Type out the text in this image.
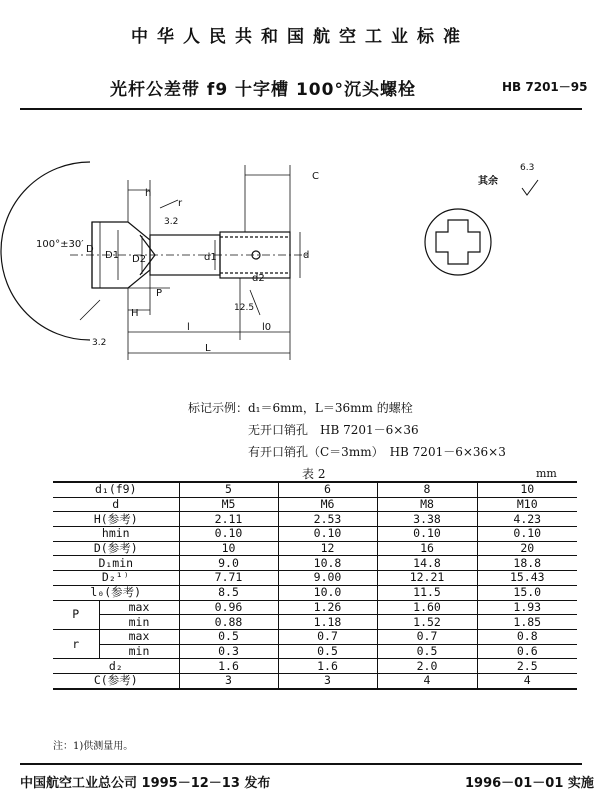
中华人民共和国航空工业标准
光杆公差带 f9 十字槽 100°沉头螺栓	HB 7201－95
100°±30′
h
r
3.2
D
D1 D2	d1	d
d2
C
P
H
l	l0
L
12.5
3.2
其余
6.3
标记示例：d₁＝6mm，L＝36mm 的螺栓
无开口销孔　HB 7201－6×36
有开口销孔（C＝3mm）　HB 7201－6×36×3
表 2	mm
d₁(f9)		5	6	8	10
d		M5	M6	M8	M10
H(参考)		2.11	2.53	3.38	4.23
hmin		0.10	0.10	0.10	0.10
D(参考)		10	12	16	20
D₁min		9.0	10.8	14.8	18.8
D₂¹⁾		7.71	9.00	12.21	15.43
l₀(参考)		8.5	10.0	11.5	15.0
P	max	0.96	1.26	1.60	1.93
	min	0.88	1.18	1.52	1.85
r	max	0.5	0.7	0.7	0.8
	min	0.3	0.5	0.5	0.6
d₂		1.6	1.6	2.0	2.5
C(参考)		3	3	4	4
注：1)供测量用。
中国航空工业总公司 1995－12－13 发布	1996－01－01 实施
